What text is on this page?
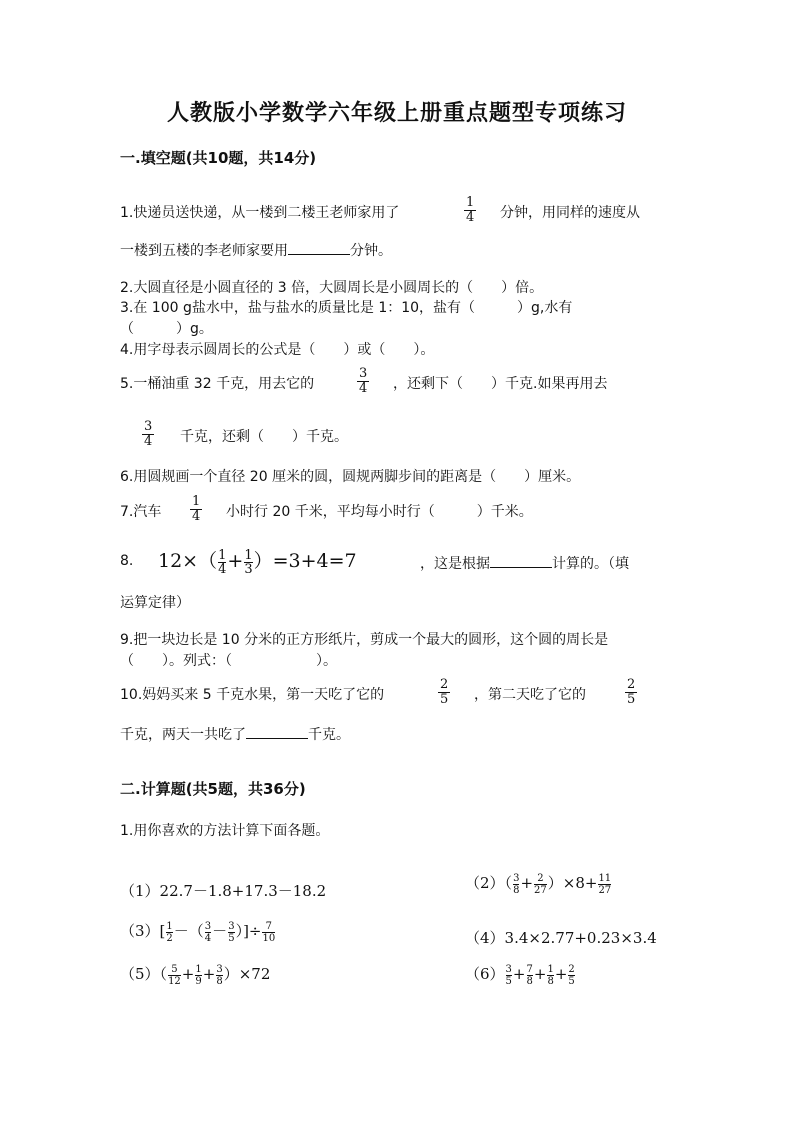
人教版小学数学六年级上册重点题型专项练习
一.填空题(共10题，共14分)
1.快递员送快递，从一楼到二楼王老师家用了
1
4 分钟，用同样的速度从
一楼到五楼的李老师家要用	分钟。
2.大圆直径是小圆直径的 3 倍，大圆周长是小圆周长的（　　）倍。
3.在 100 g盐水中，盐与盐水的质量比是 1：10，盐有（　　　）g,水有
（　　　）g。
4.用字母表示圆周长的公式是（　　）或（　　）。
5.一桶油重 32 千克，用去它的
3
4 ，还剩下（　　）千克.如果再用去
3
4 千克，还剩（　　）千克。
6.用圆规画一个直径 20 厘米的圆，圆规两脚步间的距离是（　　）厘米。
7.汽车
1
4 小时行 20 千米，平均每小时行（　　　）千米。
8. $12\times( \frac{1}{4} + \frac{1}{3} )=3+4=7$	，这是根据	计算的。（填
运算定律）
9.把一块边长是 10 分米的正方形纸片，剪成一个最大的圆形，这个圆的周长是
（　　）。列式：（　　　　　　）。
10.妈妈买来 5 千克水果，第一天吃了它的
2
5 ，第二天吃了它的
2
5
千克，两天一共吃了	千克。
二.计算题(共5题，共36分)
1.用你喜欢的方法计算下面各题。
（1）22.7－1.8+17.3－18.2	$(2)( \frac{3}{8} + \frac{2}{27} )\times 8+ \frac{11}{27}$
$(3)[ \frac{1}{2}$ －（ $\frac{3}{4} - \frac{3}{5}$ ）]÷ $\frac{7}{10}$	（4）3.4×2.77+0.23×3.4
$(5)( \frac{5}{12} + \frac{1}{9} + \frac{3}{8} )\times 72$	$(6) \frac{3}{5} + \frac{7}{8} + \frac{1}{8} + \frac{2}{5}$
